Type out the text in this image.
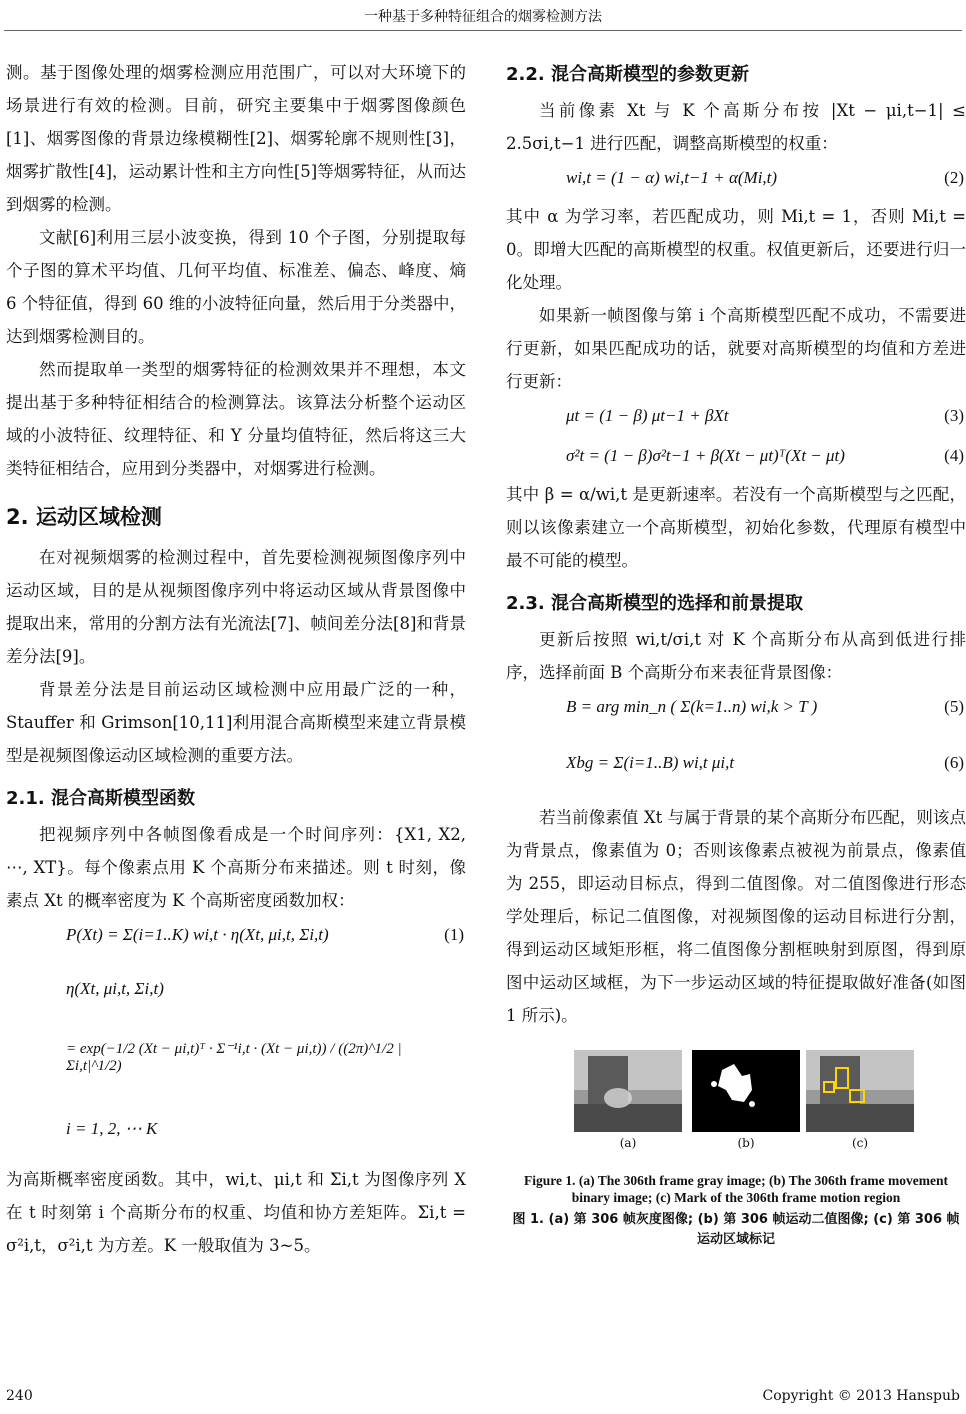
一种基于多种特征组合的烟雾检测方法

测。基于图像处理的烟雾检测应用范围广，可以对大环境下的场景进行有效的检测。目前，研究主要集中于烟雾图像颜色[1]、烟雾图像的背景边缘模糊性[2]、烟雾轮廓不规则性[3]，烟雾扩散性[4]，运动累计性和主方向性[5]等烟雾特征，从而达到烟雾的检测。

文献[6]利用三层小波变换，得到 10 个子图，分别提取每个子图的算术平均值、几何平均值、标准差、偏态、峰度、熵 6 个特征值，得到 60 维的小波特征向量，然后用于分类器中，达到烟雾检测目的。

然而提取单一类型的烟雾特征的检测效果并不理想，本文提出基于多种特征相结合的检测算法。该算法分析整个运动区域的小波特征、纹理特征、和 Y 分量均值特征，然后将这三大类特征相结合，应用到分类器中，对烟雾进行检测。

2. 运动区域检测

在对视频烟雾的检测过程中，首先要检测视频图像序列中运动区域，目的是从视频图像序列中将运动区域从背景图像中提取出来，常用的分割方法有光流法[7]、帧间差分法[8]和背景差分法[9]。

背景差分法是目前运动区域检测中应用最广泛的一种，Stauffer 和 Grimson[10,11]利用混合高斯模型来建立背景模型是视频图像运动区域检测的重要方法。

2.1. 混合高斯模型函数

把视频序列中各帧图像看成是一个时间序列：{X1, X2, ⋯, XT}。每个像素点用 K 个高斯分布来描述。则 t 时刻，像素点 Xt 的概率密度为 K 个高斯密度函数加权：

P(Xt) = Σ(i=1..K) wi,t · η(Xt, μi,t, Σi,t)	(1)
η(Xt, μi,t, Σi,t)
= exp(−1/2 (Xt − μi,t)ᵀ · Σ⁻¹i,t · (Xt − μi,t)) / ((2π)^1/2 |Σi,t|^1/2)
i = 1, 2, ⋯ K

为高斯概率密度函数。其中，wi,t、μi,t 和 Σi,t 为图像序列 X 在 t 时刻第 i 个高斯分布的权重、均值和协方差矩阵。Σi,t = σ²i,t，σ²i,t 为方差。K 一般取值为 3~5。

2.2. 混合高斯模型的参数更新

当前像素 Xt 与 K 个高斯分布按 |Xt − μi,t−1| ≤ 2.5σi,t−1 进行匹配，调整高斯模型的权重：

wi,t = (1 − α) wi,t−1 + α(Mi,t)	(2)

其中 α 为学习率，若匹配成功，则 Mi,t = 1，否则 Mi,t = 0。即增大匹配的高斯模型的权重。权值更新后，还要进行归一化处理。

如果新一帧图像与第 i 个高斯模型匹配不成功，不需要进行更新，如果匹配成功的话，就要对高斯模型的均值和方差进行更新：

μt = (1 − β) μt−1 + βXt	(3)
σ²t = (1 − β)σ²t−1 + β(Xt − μt)ᵀ(Xt − μt)	(4)

其中 β = α/wi,t 是更新速率。若没有一个高斯模型与之匹配，则以该像素建立一个高斯模型，初始化参数，代理原有模型中最不可能的模型。

2.3. 混合高斯模型的选择和前景提取

更新后按照 wi,t/σi,t 对 K 个高斯分布从高到低进行排序，选择前面 B 个高斯分布来表征背景图像：

B = arg min_n ( Σ(k=1..n) wi,k > T )	(5)
Xbg = Σ(i=1..B) wi,t μi,t	(6)

若当前像素值 Xt 与属于背景的某个高斯分布匹配，则该点为背景点，像素值为 0；否则该像素点被视为前景点，像素值为 255，即运动目标点，得到二值图像。对二值图像进行形态学处理后，标记二值图像，对视频图像的运动目标进行分割，得到运动区域矩形框，将二值图像分割框映射到原图，得到原图中运动区域框，为下一步运动区域的特征提取做好准备(如图 1 所示)。

(a)	(b)	(c)
Figure 1. (a) The 306th frame gray image; (b) The 306th frame movement binary image; (c) Mark of the 306th frame motion region
图 1. (a) 第 306 帧灰度图像; (b) 第 306 帧运动二值图像; (c) 第 306 帧运动区域标记
240	Copyright © 2013 Hanspub
